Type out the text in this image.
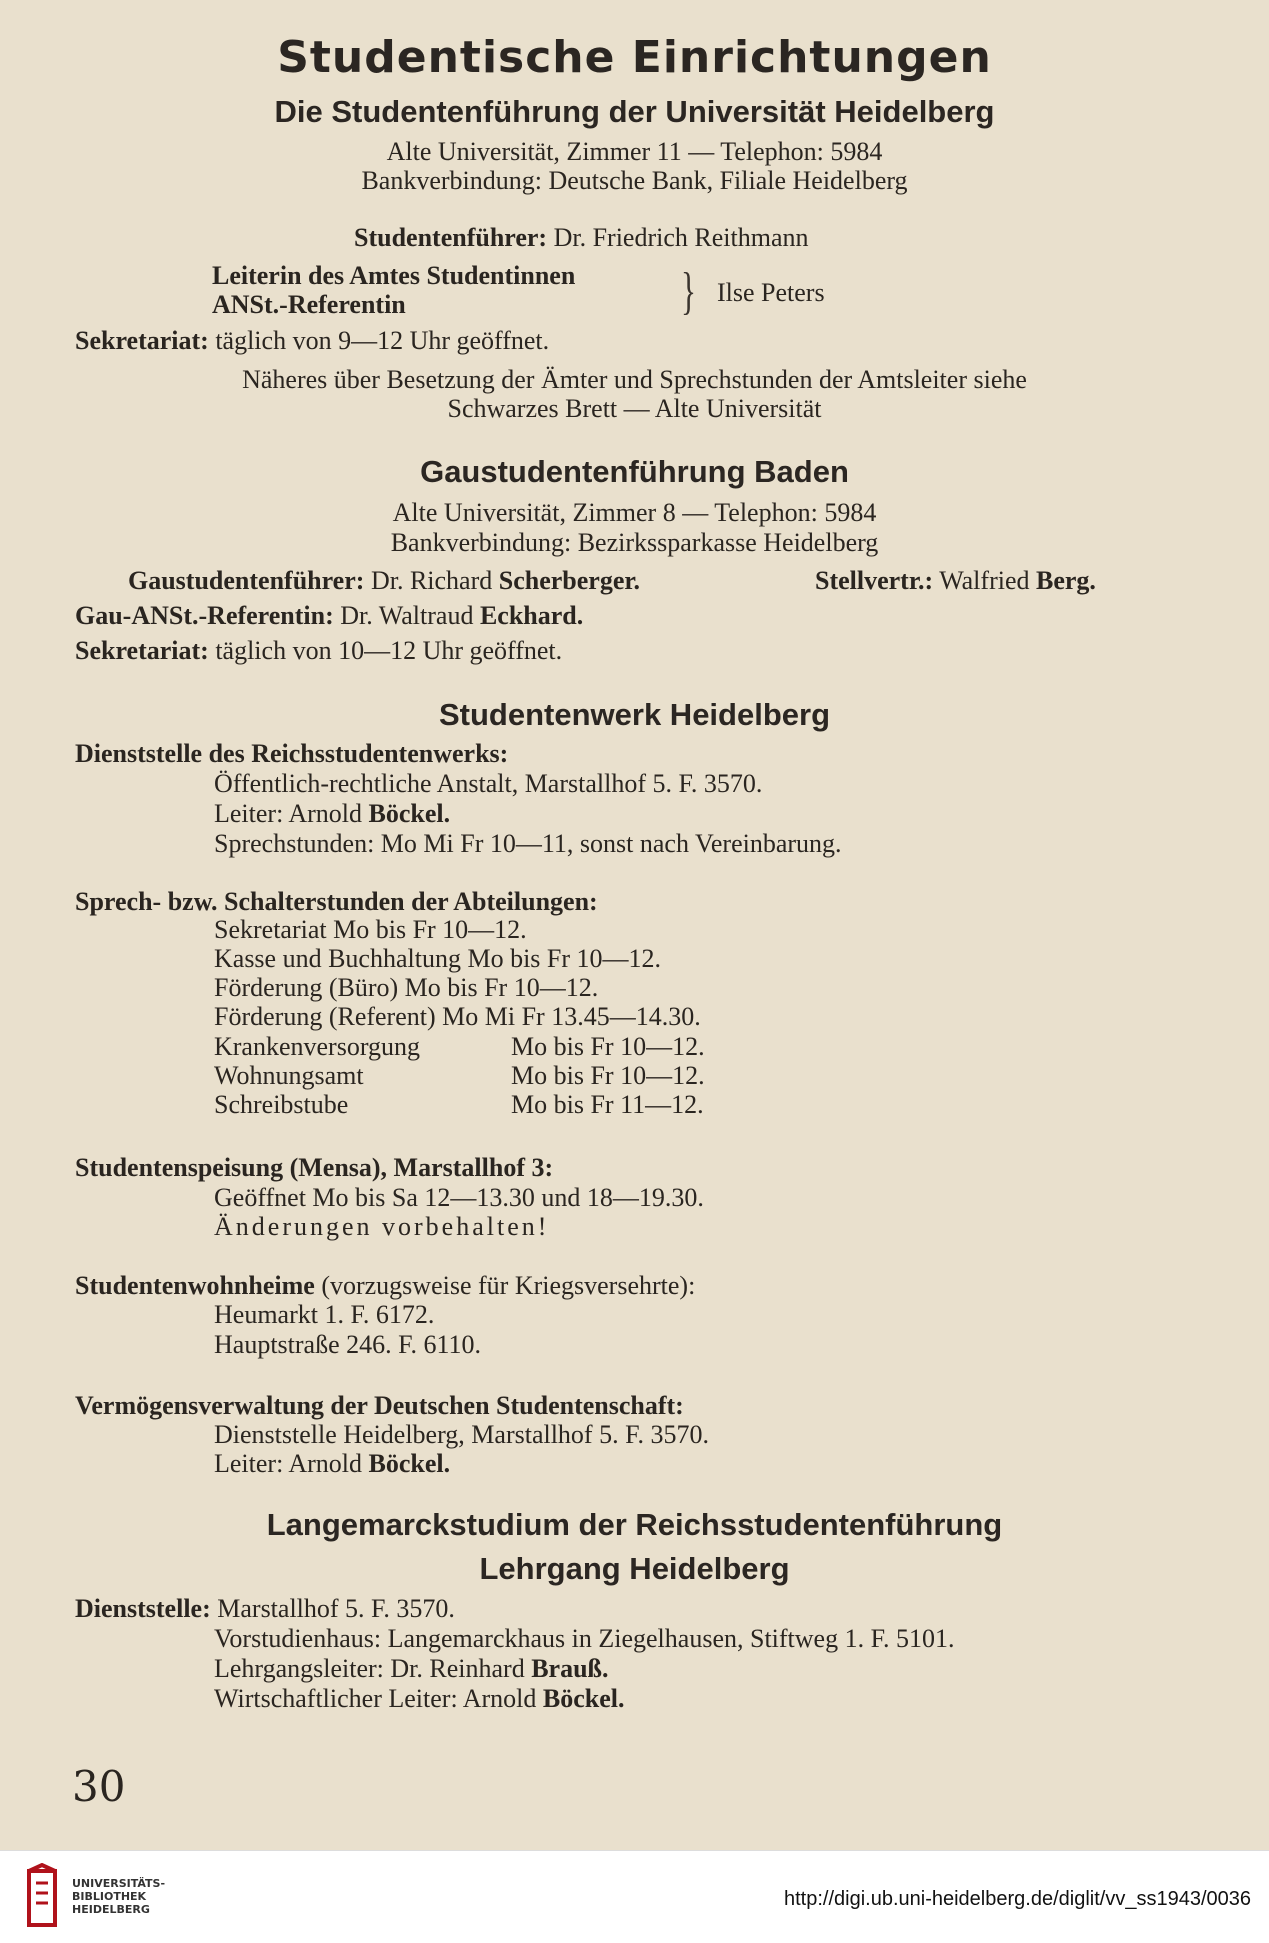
Studentische Einrichtungen
Die Studentenführung der Universität Heidelberg
Alte Universität, Zimmer 11 — Telephon: 5984
Bankverbindung: Deutsche Bank, Filiale Heidelberg
Studentenführer: Dr. Friedrich Reithmann
Leiterin des Amtes Studentinnen
ANSt.-Referentin	} Ilse Peters
Sekretariat: täglich von 9—12 Uhr geöffnet.
Näheres über Besetzung der Ämter und Sprechstunden der Amtsleiter siehe
Schwarzes Brett — Alte Universität
Gaustudentenführung Baden
Alte Universität, Zimmer 8 — Telephon: 5984
Bankverbindung: Bezirkssparkasse Heidelberg
Gaustudentenführer: Dr. Richard Scherberger.	Stellvertr.: Walfried Berg.
Gau-ANSt.-Referentin: Dr. Waltraud Eckhard.
Sekretariat: täglich von 10—12 Uhr geöffnet.
Studentenwerk Heidelberg
Dienststelle des Reichsstudentenwerks:
Öffentlich-rechtliche Anstalt, Marstallhof 5. F. 3570.
Leiter: Arnold Böckel.
Sprechstunden: Mo Mi Fr 10—11, sonst nach Vereinbarung.
Sprech- bzw. Schalterstunden der Abteilungen:
Sekretariat Mo bis Fr 10—12.
Kasse und Buchhaltung Mo bis Fr 10—12.
Förderung (Büro) Mo bis Fr 10—12.
Förderung (Referent) Mo Mi Fr 13.45—14.30.
Krankenversorgung	Mo bis Fr 10—12.
Wohnungsamt	Mo bis Fr 10—12.
Schreibstube	Mo bis Fr 11—12.
Studentenspeisung (Mensa), Marstallhof 3:
Geöffnet Mo bis Sa 12—13.30 und 18—19.30.
Änderungen vorbehalten!
Studentenwohnheime (vorzugsweise für Kriegsversehrte):
Heumarkt 1. F. 6172.
Hauptstraße 246. F. 6110.
Vermögensverwaltung der Deutschen Studentenschaft:
Dienststelle Heidelberg, Marstallhof 5. F. 3570.
Leiter: Arnold Böckel.
Langemarckstudium der Reichsstudentenführung
Lehrgang Heidelberg
Dienststelle: Marstallhof 5. F. 3570.
Vorstudienhaus: Langemarckhaus in Ziegelhausen, Stiftweg 1. F. 5101.
Lehrgangsleiter: Dr. Reinhard Brauß.
Wirtschaftlicher Leiter: Arnold Böckel.
30
UNIVERSITÄTS-
BIBLIOTHEK
HEIDELBERG	http://digi.ub.uni-heidelberg.de/diglit/vv_ss1943/0036
